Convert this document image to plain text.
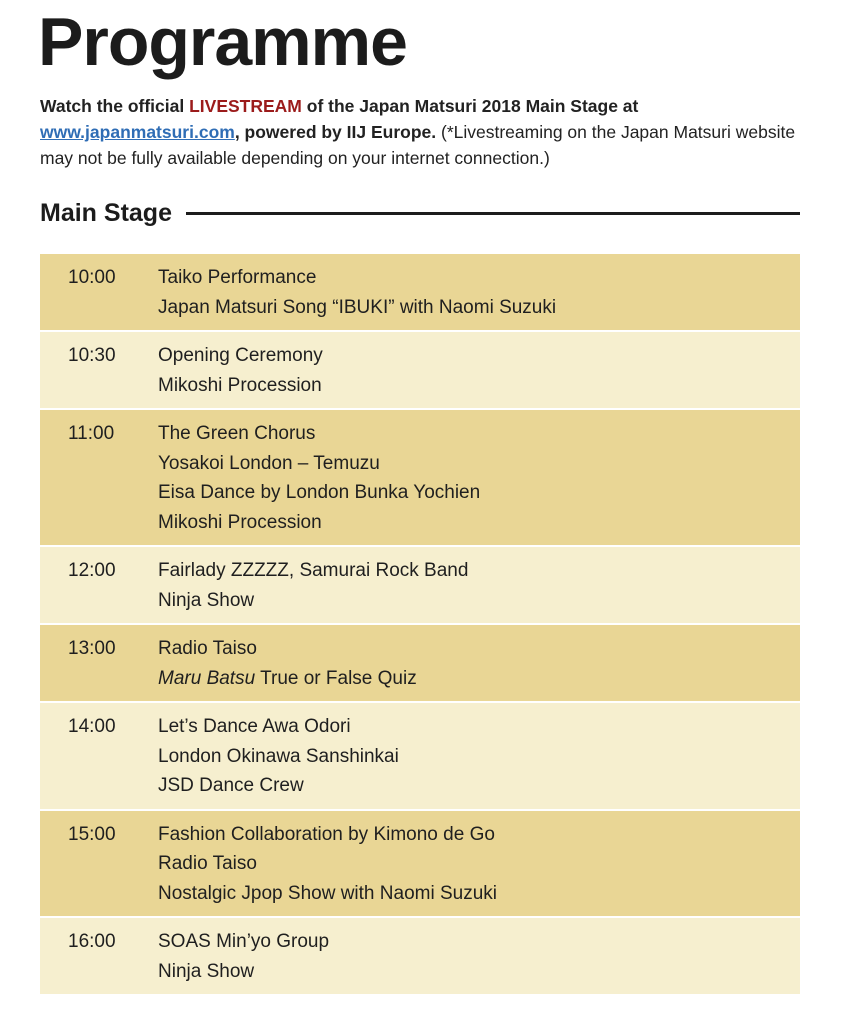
Programme
Watch the official LIVESTREAM of the Japan Matsuri 2018 Main Stage at www.japanmatsuri.com, powered by IIJ Europe. (*Livestreaming on the Japan Matsuri website may not be fully available depending on your internet connection.)
Main Stage
10:00	Taiko Performance
Japan Matsuri Song “IBUKI” with Naomi Suzuki
10:30	Opening Ceremony
Mikoshi Procession
11:00	The Green Chorus
Yosakoi London – Temuzu
Eisa Dance by London Bunka Yochien
Mikoshi Procession
12:00	Fairlady ZZZZZ, Samurai Rock Band
Ninja Show
13:00	Radio Taiso
Maru Batsu True or False Quiz
14:00	Let’s Dance Awa Odori
London Okinawa Sanshinkai
JSD Dance Crew
15:00	Fashion Collaboration by Kimono de Go
Radio Taiso
Nostalgic Jpop Show with Naomi Suzuki
16:00	SOAS Min’yo Group
Ninja Show
